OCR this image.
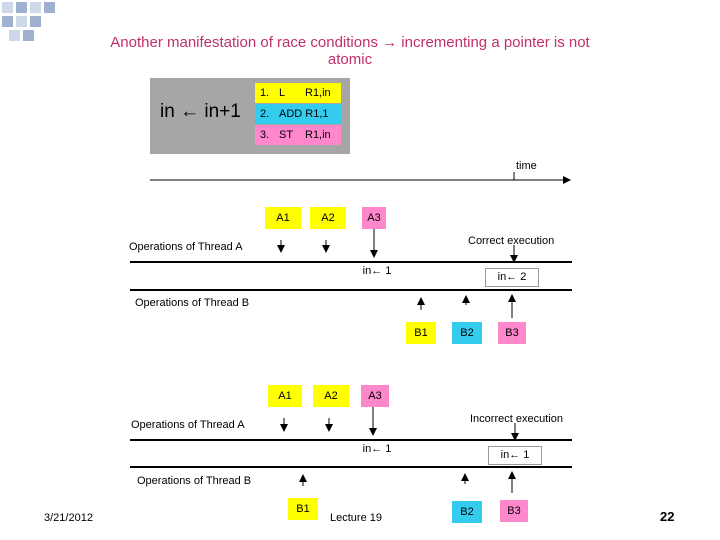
Another manifestation of race conditions → incrementing a pointer is not atomic
in ← in+1
1. L R1,in
2. ADD R1,1
3. ST R1,in
time
A1	A2	A3
Operations of Thread A	Correct execution
in← 1	in← 2
Operations of Thread B
B1	B2	B3
A1	A2	A3
Operations of Thread A	Incorrect execution
in← 1	in← 1
Operations of Thread B
B1	B2	B3
3/21/2012	Lecture 19	22
